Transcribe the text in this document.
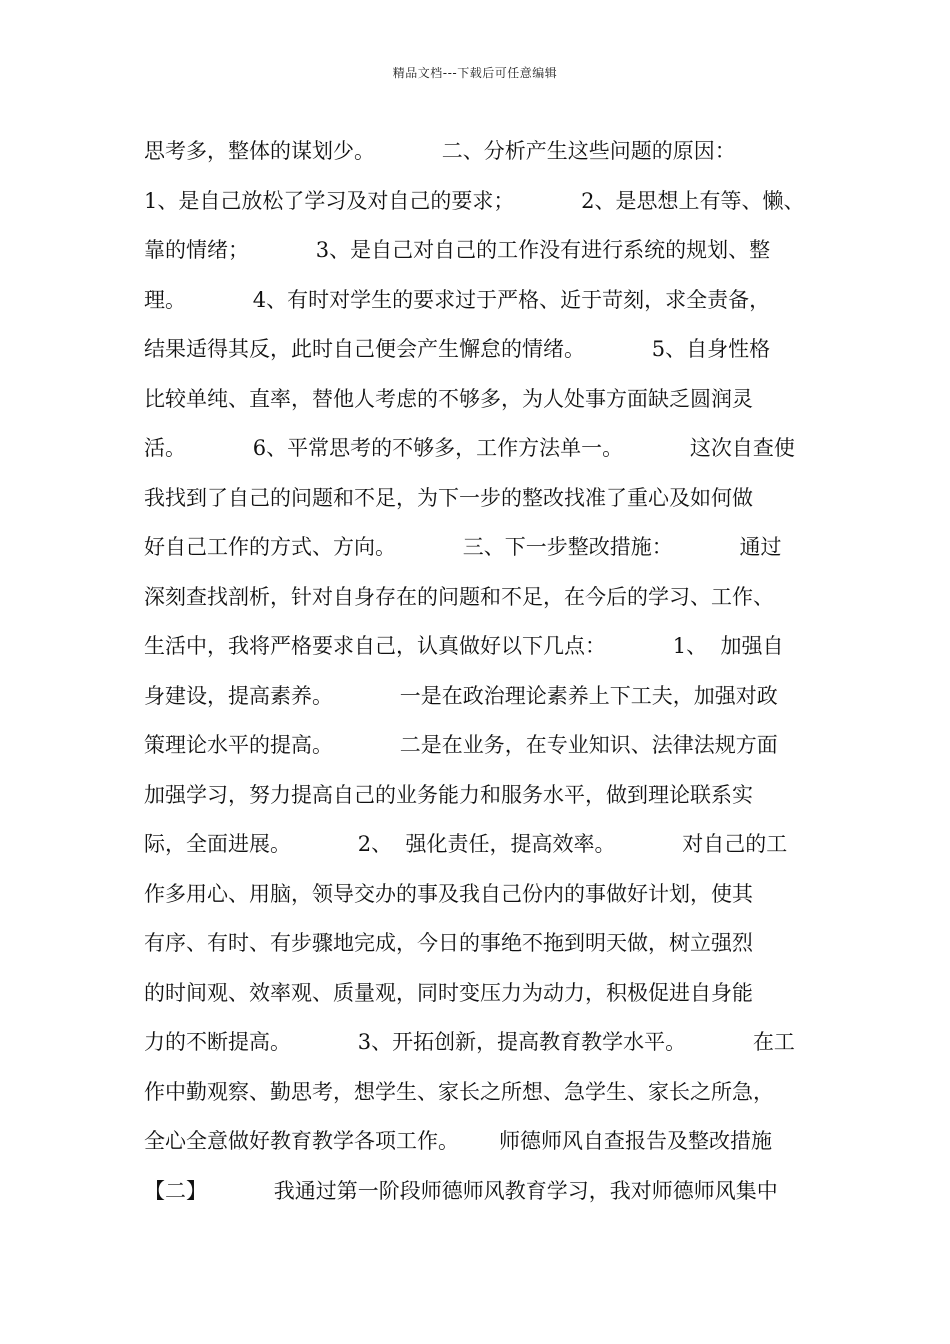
精品文档---下载后可任意编辑
思考多，整体的谋划少。          二、分析产生这些问题的原因：
1、是自己放松了学习及对自己的要求；          2、是思想上有等、懒、
靠的情绪；          3、是自己对自己的工作没有进行系统的规划、整
理。          4、有时对学生的要求过于严格、近于苛刻，求全责备，
结果适得其反，此时自己便会产生懈怠的情绪。          5、自身性格
比较单纯、直率，替他人考虑的不够多，为人处事方面缺乏圆润灵
活。          6、平常思考的不够多，工作方法单一。          这次自查使
我找到了自己的问题和不足，为下一步的整改找准了重心及如何做
好自己工作的方式、方向。          三、下一步整改措施：          通过
深刻查找剖析，针对自身存在的问题和不足，在今后的学习、工作、
生活中，我将严格要求自己，认真做好以下几点：          1、  加强自
身建设，提高素养。          一是在政治理论素养上下工夫，加强对政
策理论水平的提高。          二是在业务，在专业知识、法律法规方面
加强学习，努力提高自己的业务能力和服务水平，做到理论联系实
际，全面进展。          2、  强化责任，提高效率。          对自己的工
作多用心、用脑，领导交办的事及我自己份内的事做好计划，使其
有序、有时、有步骤地完成，今日的事绝不拖到明天做，树立强烈
的时间观、效率观、质量观，同时变压力为动力，积极促进自身能
力的不断提高。          3、开拓创新，提高教育教学水平。          在工
作中勤观察、勤思考，想学生、家长之所想、急学生、家长之所急，
全心全意做好教育教学各项工作。      师德师风自查报告及整改措施
【二】          我通过第一阶段师德师风教育学习，我对师德师风集中
